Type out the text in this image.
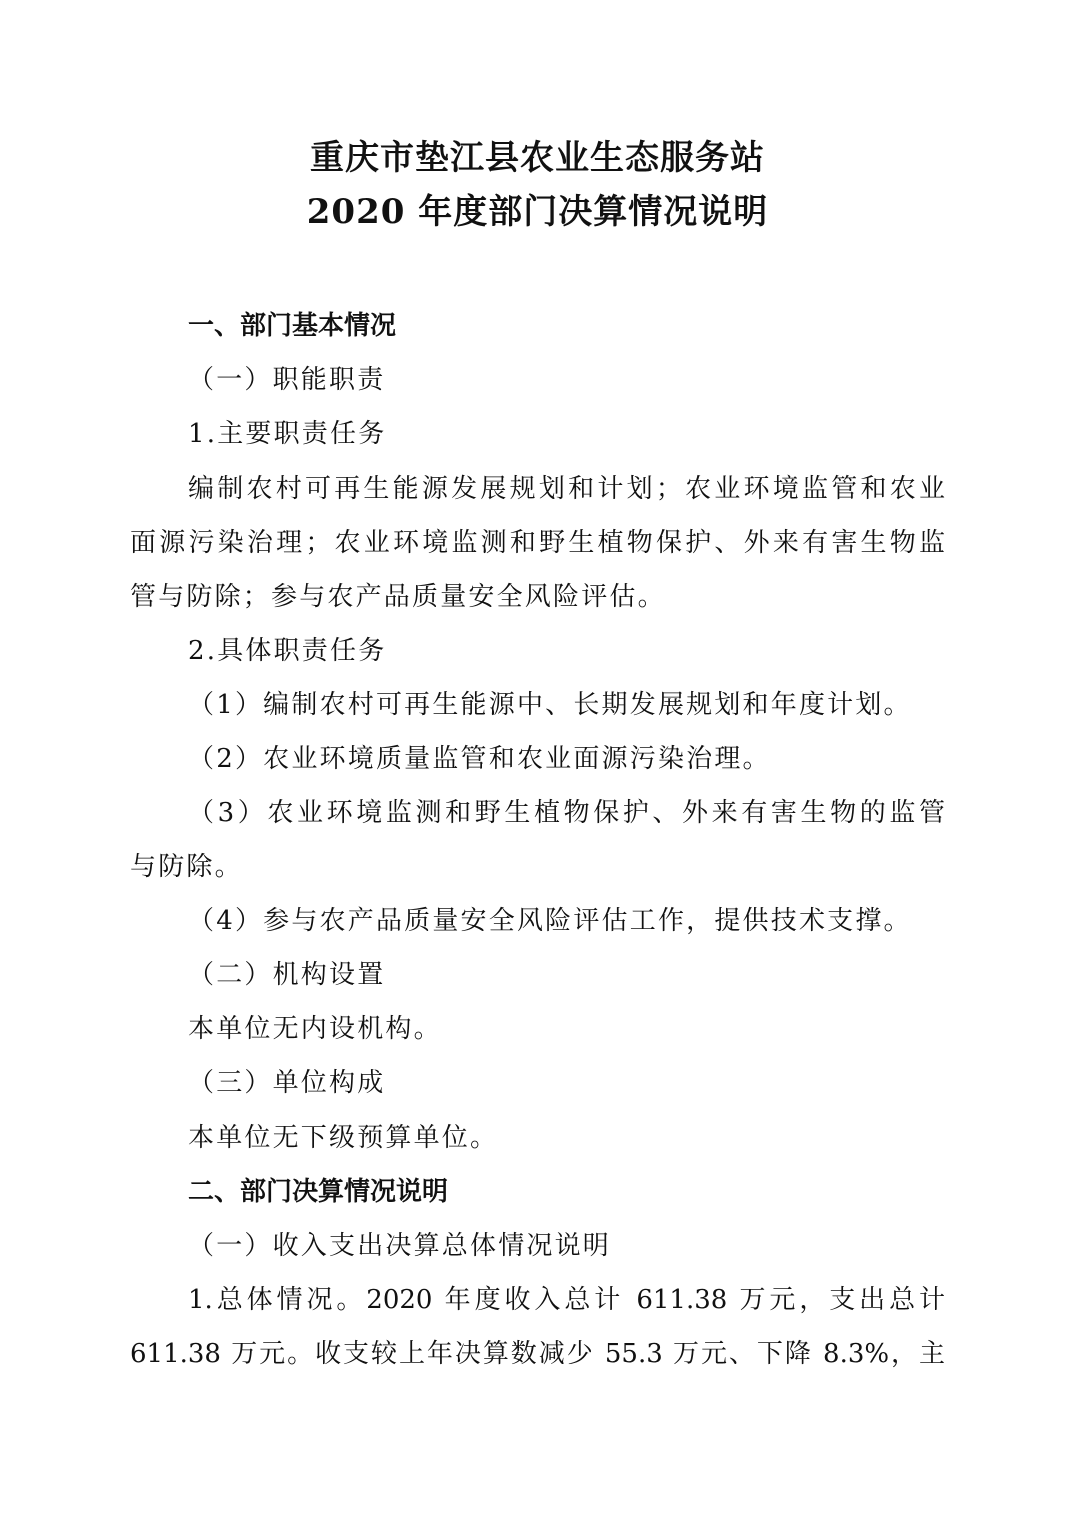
重庆市垫江县农业生态服务站
2020 年度部门决算情况说明
一、部门基本情况
（一）职能职责
1.主要职责任务
编制农村可再生能源发展规划和计划；农业环境监管和农业
面源污染治理；农业环境监测和野生植物保护、外来有害生物监
管与防除；参与农产品质量安全风险评估。
2.具体职责任务
（1）编制农村可再生能源中、长期发展规划和年度计划。
（2）农业环境质量监管和农业面源污染治理。
（3）农业环境监测和野生植物保护、外来有害生物的监管
与防除。
（4）参与农产品质量安全风险评估工作，提供技术支撑。
（二）机构设置
本单位无内设机构。
（三）单位构成
本单位无下级预算单位。
二、部门决算情况说明
（一）收入支出决算总体情况说明
1.总体情况。2020 年度收入总计 611.38 万元，支出总计
611.38 万元。收支较上年决算数减少 55.3 万元、下降 8.3%，主
